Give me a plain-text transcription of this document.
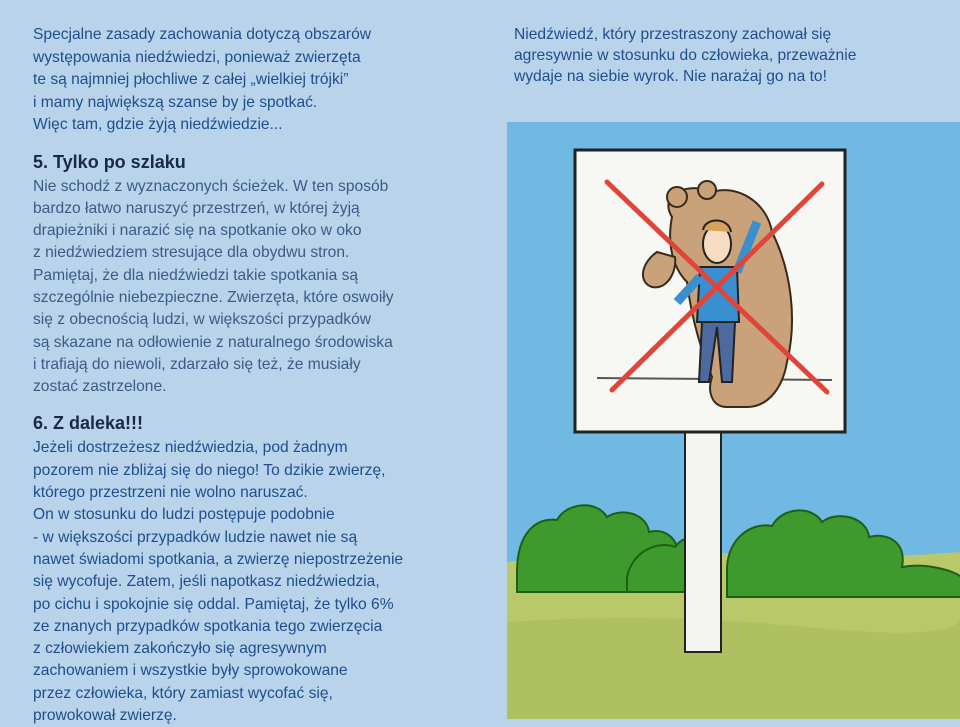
Specjalne zasady zachowania dotyczą obszarów
występowania niedźwiedzi, ponieważ zwierzęta
te są najmniej płochliwe z całej „wielkiej trójki”
i mamy największą szanse by je spotkać.
Więc tam, gdzie żyją niedźwiedzie...

5. Tylko po szlaku

Nie schodź z wyznaczonych ścieżek. W ten sposób
bardzo łatwo naruszyć przestrzeń, w której żyją
drapieżniki i narazić się na spotkanie oko w oko
z niedźwiedziem stresujące dla obydwu stron.
Pamiętaj, że dla niedźwiedzi takie spotkania są
szczególnie niebezpieczne. Zwierzęta, które oswoiły
się z obecnością ludzi, w większości przypadków
są skazane na odłowienie z naturalnego środowiska
i trafiają do niewoli, zdarzało się też, że musiały
zostać zastrzelone.

6. Z daleka!!!

Jeżeli dostrzeżesz niedźwiedzia, pod żadnym
pozorem nie zbliżaj się do niego! To dzikie zwierzę,
którego przestrzeni nie wolno naruszać.
On w stosunku do ludzi postępuje podobnie
- w większości przypadków ludzie nawet nie są
nawet świadomi spotkania, a zwierzę niepostrzeżenie
się wycofuje. Zatem, jeśli napotkasz niedźwiedzia,
po cichu i spokojnie się oddal. Pamiętaj, że tylko 6%
ze znanych przypadków spotkania tego zwierzęcia
z człowiekiem zakończyło się agresywnym
zachowaniem i wszystkie były sprowokowane
przez człowieka, który zamiast wycofać się,
prowokował zwierzę.

Niedźwiedź, który przestraszony zachował się
agresywnie w stosunku do człowieka, przeważnie
wydaje na siebie wyrok. Nie narażaj go na to!
